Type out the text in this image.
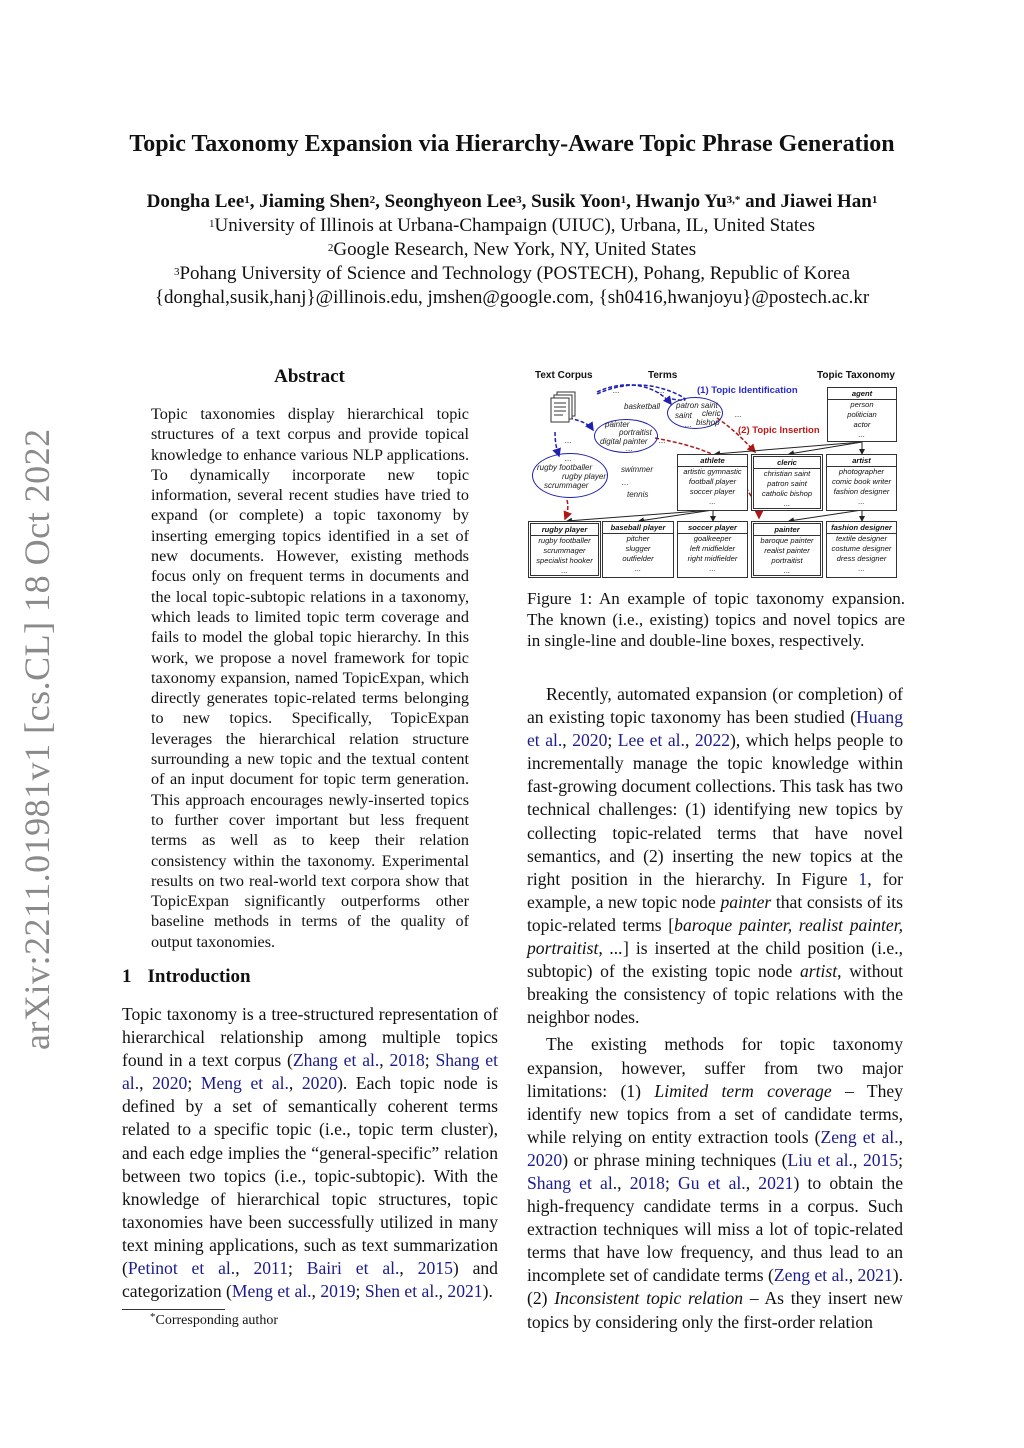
arXiv:2211.01981v1 [cs.CL] 18 Oct 2022
Topic Taxonomy Expansion via Hierarchy-Aware Topic Phrase Generation
Dongha Lee$^1$, Jiaming Shen$^2$, Seonghyeon Lee$^3$, Susik Yoon$^1$, Hwanjo $Yu^{3,*}$ and Jiawei Han$^1$
$^1$University of Illinois at Urbana-Champaign (UIUC), Urbana, IL, United States
$^2$Google Research, New York, NY, United States
$^3$Pohang University of Science and Technology (POSTECH), Pohang, Republic of Korea
{donghal,susik,hanj}@illinois.edu, jmshen@google.com, {sh0416,hwanjoyu}@postech.ac.kr
Abstract
Topic taxonomies display hierarchical topic structures of a text corpus and provide topical knowledge to enhance various NLP applications. To dynamically incorporate new topic information, several recent studies have tried to expand (or complete) a topic taxonomy by inserting emerging topics identified in a set of new documents. However, existing methods focus only on frequent terms in documents and the local topic-subtopic relations in a taxonomy, which leads to limited topic term coverage and fails to model the global topic hierarchy. In this work, we propose a novel framework for topic taxonomy expansion, named TopicExpan, which directly generates topic-related terms belonging to new topics. Specifically, TopicExpan leverages the hierarchical relation structure surrounding a new topic and the textual content of an input document for topic term generation. This approach encourages newly-inserted topics to further cover important but less frequent terms as well as to keep their relation consistency within the taxonomy. Experimental results on two real-world text corpora show that TopicExpan significantly outperforms other baseline methods in terms of the quality of output taxonomies.
1 Introduction

Topic taxonomy is a tree-structured representation of hierarchical relationship among multiple topics found in a text corpus (Zhang et al., 2018; Shang et al., 2020; Meng et al., 2020). Each topic node is defined by a set of semantically coherent terms related to a specific topic (i.e., topic term cluster), and each edge implies the “general-specific” relation between two topics (i.e., topic-subtopic). With the knowledge of hierarchical topic structures, topic taxonomies have been successfully utilized in many text mining applications, such as text summarization (Petinot et al., 2011; Bairi et al., 2015) and categorization (Meng et al., 2019; Shen et al., 2021).

*Corresponding author
Text Corpus	Terms	Topic Taxonomy
(1) Topic Identification
(2) Topic Insertion
basketball
swimmer
tennis
...	...
...
...
...
...
patron saint
saint cleric
bishop
...
painter
portraitist
digital painter
...
...
rugby footballer
rugby player
scrummager
agent
person
politician
actor
...
athlete
artistic gymnastic
football player
soccer player
...
cleric
christian saint
patron saint
catholic bishop
...
artist
photographer
comic book writer
fashion designer
...
rugby player
rugby footballer
scrummager
specialist hooker
...
baseball player
pitcher
slugger
outfielder
...
soccer player
goalkeeper
left midfielder
right midfielder
...
painter
baroque painter
realist painter
portraitist
...
fashion designer
textile designer
costume designer
dress designer
...
Figure 1: An example of topic taxonomy expansion. The known (i.e., existing) topics and novel topics are in single-line and double-line boxes, respectively.

Recently, automated expansion (or completion) of an existing topic taxonomy has been studied (Huang et al., 2020; Lee et al., 2022), which helps people to incrementally manage the topic knowledge within fast-growing document collections. This task has two technical challenges: (1) identifying new topics by collecting topic-related terms that have novel semantics, and (2) inserting the new topics at the right position in the hierarchy. In Figure 1, for example, a new topic node painter that consists of its topic-related terms [baroque painter, realist painter, portraitist, ...] is inserted at the child position (i.e., subtopic) of the existing topic node artist, without breaking the consistency of topic relations with the neighbor nodes.

The existing methods for topic taxonomy expansion, however, suffer from two major limitations: (1) Limited term coverage – They identify new topics from a set of candidate terms, while relying on entity extraction tools (Zeng et al., 2020) or phrase mining techniques (Liu et al., 2015; Shang et al., 2018; Gu et al., 2021) to obtain the high-frequency candidate terms in a corpus. Such extraction techniques will miss a lot of topic-related terms that have low frequency, and thus lead to an incomplete set of candidate terms (Zeng et al., 2021). (2) Inconsistent topic relation – As they insert new topics by considering only the first-order relation
